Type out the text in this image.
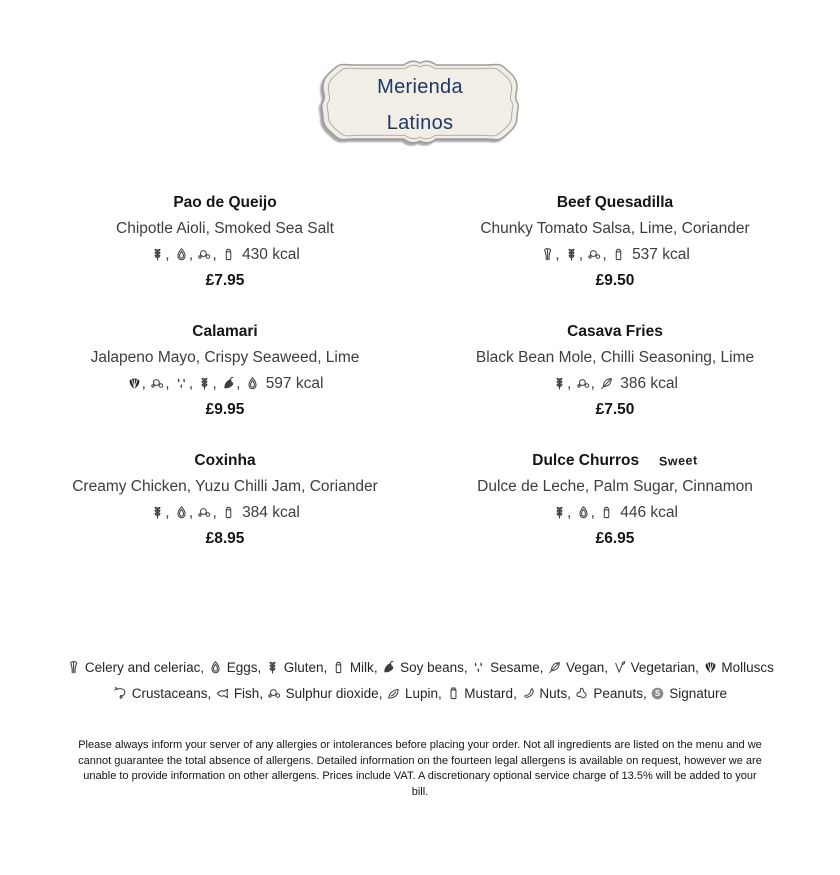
Merienda
Latinos
Pao de Queijo
Chipotle Aioli, Smoked Sea Salt
, , , 430 kcal
£7.95
Beef Quesadilla
Chunky Tomato Salsa, Lime, Coriander
, , , 537 kcal
£9.50
Calamari
Jalapeno Mayo, Crispy Seaweed, Lime
, , , , , 597 kcal
£9.95
Casava Fries
Black Bean Mole, Chilli Seasoning, Lime
, , 386 kcal
£7.50
Coxinha
Creamy Chicken, Yuzu Chilli Jam, Coriander
, , , 384 kcal
£8.95
Dulce Churros Sweet
Dulce de Leche, Palm Sugar, Cinnamon
, , 446 kcal
£6.95
Celery and celeriac,  Eggs,  Gluten,  Milk,  Soy beans,  Sesame,  Vegan,  Vegetarian,  Molluscs
Crustaceans,  Fish,  Sulphur dioxide,  Lupin,  Mustard,  Nuts,  Peanuts, S Signature
Please always inform your server of any allergies or intolerances before placing your order. Not all ingredients are listed on the menu and we cannot guarantee the total absence of allergens. Detailed information on the fourteen legal allergens is available on request, however we are unable to provide information on other allergens. Prices include VAT. A discretionary optional service charge of 13.5% will be added to your bill.
